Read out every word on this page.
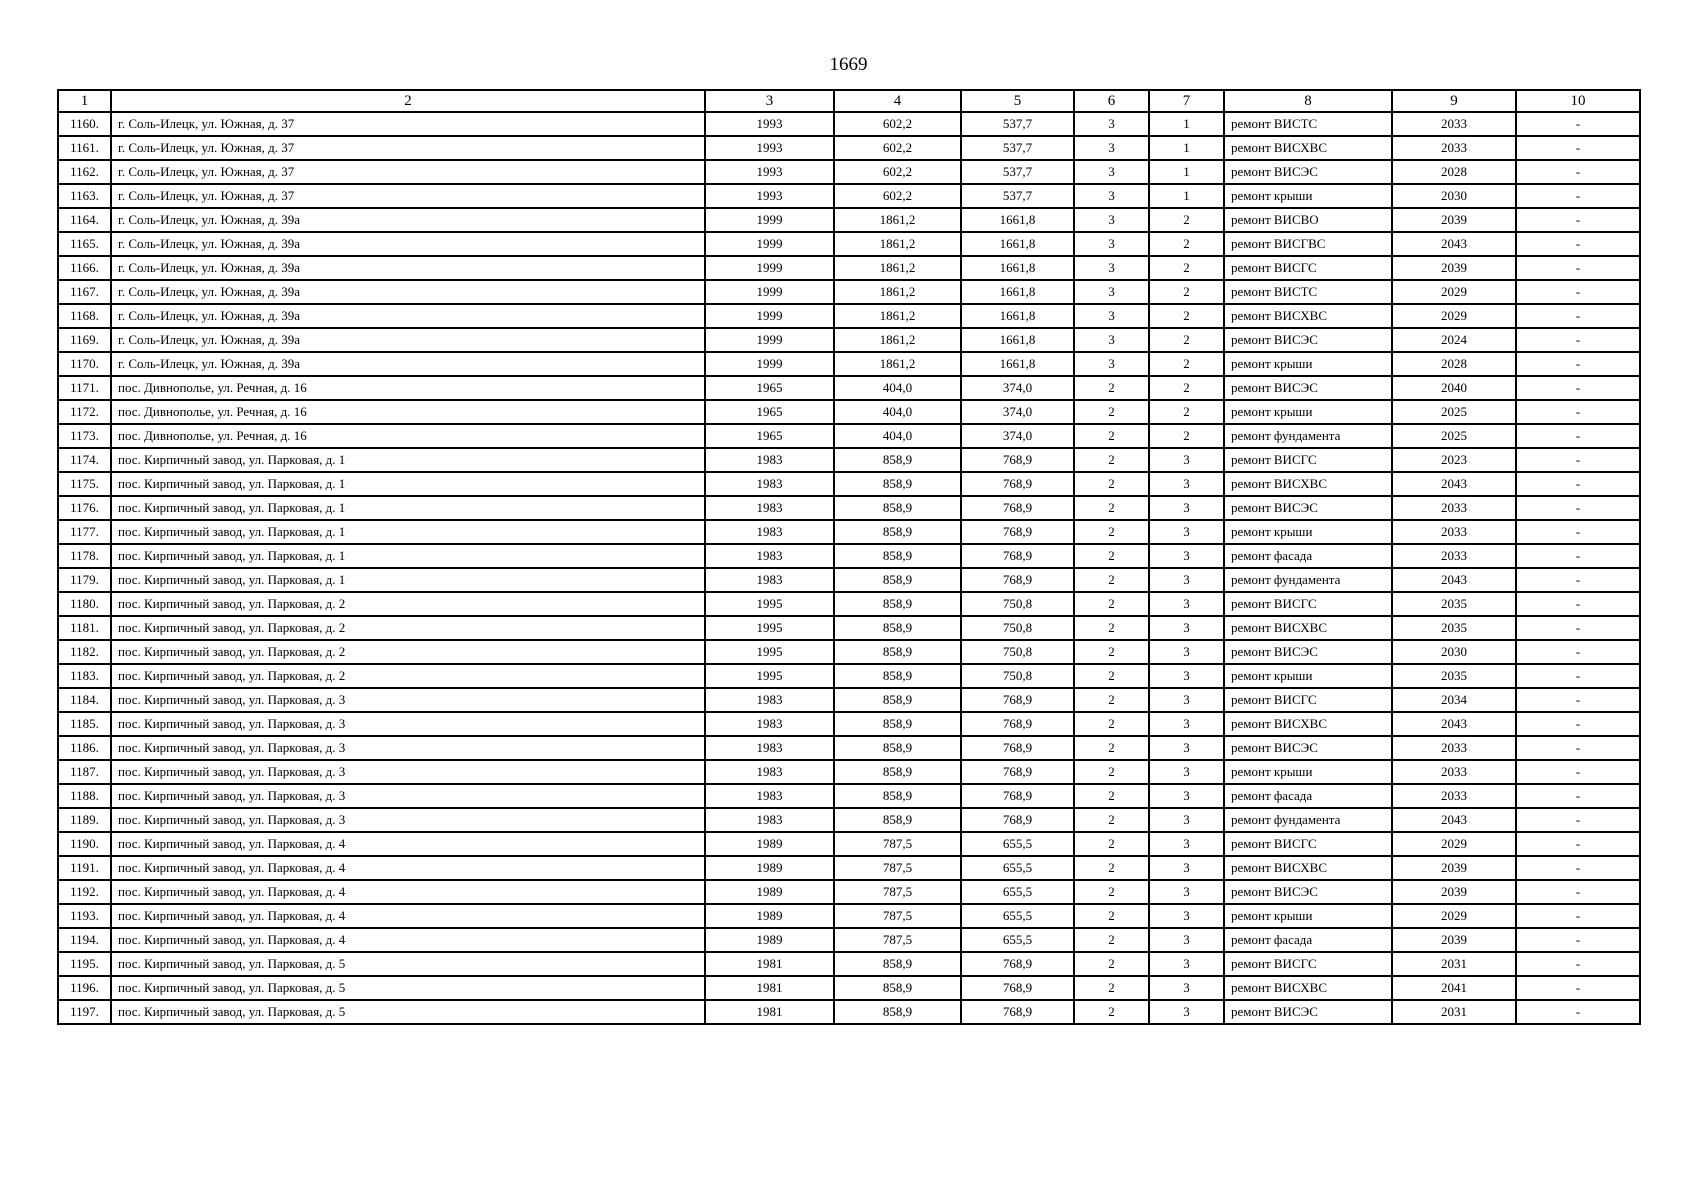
1669
1	2	3	4	5	6	7	8	9	10
1160.	г. Соль-Илецк, ул. Южная, д. 37	1993	602,2	537,7	3	1	ремонт ВИСТС	2033	-
1161.	г. Соль-Илецк, ул. Южная, д. 37	1993	602,2	537,7	3	1	ремонт ВИСХВС	2033	-
1162.	г. Соль-Илецк, ул. Южная, д. 37	1993	602,2	537,7	3	1	ремонт ВИСЭС	2028	-
1163.	г. Соль-Илецк, ул. Южная, д. 37	1993	602,2	537,7	3	1	ремонт крыши	2030	-
1164.	г. Соль-Илецк, ул. Южная, д. 39а	1999	1861,2	1661,8	3	2	ремонт ВИСВО	2039	-
1165.	г. Соль-Илецк, ул. Южная, д. 39а	1999	1861,2	1661,8	3	2	ремонт ВИСГВС	2043	-
1166.	г. Соль-Илецк, ул. Южная, д. 39а	1999	1861,2	1661,8	3	2	ремонт ВИСГС	2039	-
1167.	г. Соль-Илецк, ул. Южная, д. 39а	1999	1861,2	1661,8	3	2	ремонт ВИСТС	2029	-
1168.	г. Соль-Илецк, ул. Южная, д. 39а	1999	1861,2	1661,8	3	2	ремонт ВИСХВС	2029	-
1169.	г. Соль-Илецк, ул. Южная, д. 39а	1999	1861,2	1661,8	3	2	ремонт ВИСЭС	2024	-
1170.	г. Соль-Илецк, ул. Южная, д. 39а	1999	1861,2	1661,8	3	2	ремонт крыши	2028	-
1171.	пос. Дивнополье, ул. Речная, д. 16	1965	404,0	374,0	2	2	ремонт ВИСЭС	2040	-
1172.	пос. Дивнополье, ул. Речная, д. 16	1965	404,0	374,0	2	2	ремонт крыши	2025	-
1173.	пос. Дивнополье, ул. Речная, д. 16	1965	404,0	374,0	2	2	ремонт фундамента	2025	-
1174.	пос. Кирпичный завод, ул. Парковая, д. 1	1983	858,9	768,9	2	3	ремонт ВИСГС	2023	-
1175.	пос. Кирпичный завод, ул. Парковая, д. 1	1983	858,9	768,9	2	3	ремонт ВИСХВС	2043	-
1176.	пос. Кирпичный завод, ул. Парковая, д. 1	1983	858,9	768,9	2	3	ремонт ВИСЭС	2033	-
1177.	пос. Кирпичный завод, ул. Парковая, д. 1	1983	858,9	768,9	2	3	ремонт крыши	2033	-
1178.	пос. Кирпичный завод, ул. Парковая, д. 1	1983	858,9	768,9	2	3	ремонт фасада	2033	-
1179.	пос. Кирпичный завод, ул. Парковая, д. 1	1983	858,9	768,9	2	3	ремонт фундамента	2043	-
1180.	пос. Кирпичный завод, ул. Парковая, д. 2	1995	858,9	750,8	2	3	ремонт ВИСГС	2035	-
1181.	пос. Кирпичный завод, ул. Парковая, д. 2	1995	858,9	750,8	2	3	ремонт ВИСХВС	2035	-
1182.	пос. Кирпичный завод, ул. Парковая, д. 2	1995	858,9	750,8	2	3	ремонт ВИСЭС	2030	-
1183.	пос. Кирпичный завод, ул. Парковая, д. 2	1995	858,9	750,8	2	3	ремонт крыши	2035	-
1184.	пос. Кирпичный завод, ул. Парковая, д. 3	1983	858,9	768,9	2	3	ремонт ВИСГС	2034	-
1185.	пос. Кирпичный завод, ул. Парковая, д. 3	1983	858,9	768,9	2	3	ремонт ВИСХВС	2043	-
1186.	пос. Кирпичный завод, ул. Парковая, д. 3	1983	858,9	768,9	2	3	ремонт ВИСЭС	2033	-
1187.	пос. Кирпичный завод, ул. Парковая, д. 3	1983	858,9	768,9	2	3	ремонт крыши	2033	-
1188.	пос. Кирпичный завод, ул. Парковая, д. 3	1983	858,9	768,9	2	3	ремонт фасада	2033	-
1189.	пос. Кирпичный завод, ул. Парковая, д. 3	1983	858,9	768,9	2	3	ремонт фундамента	2043	-
1190.	пос. Кирпичный завод, ул. Парковая, д. 4	1989	787,5	655,5	2	3	ремонт ВИСГС	2029	-
1191.	пос. Кирпичный завод, ул. Парковая, д. 4	1989	787,5	655,5	2	3	ремонт ВИСХВС	2039	-
1192.	пос. Кирпичный завод, ул. Парковая, д. 4	1989	787,5	655,5	2	3	ремонт ВИСЭС	2039	-
1193.	пос. Кирпичный завод, ул. Парковая, д. 4	1989	787,5	655,5	2	3	ремонт крыши	2029	-
1194.	пос. Кирпичный завод, ул. Парковая, д. 4	1989	787,5	655,5	2	3	ремонт фасада	2039	-
1195.	пос. Кирпичный завод, ул. Парковая, д. 5	1981	858,9	768,9	2	3	ремонт ВИСГС	2031	-
1196.	пос. Кирпичный завод, ул. Парковая, д. 5	1981	858,9	768,9	2	3	ремонт ВИСХВС	2041	-
1197.	пос. Кирпичный завод, ул. Парковая, д. 5	1981	858,9	768,9	2	3	ремонт ВИСЭС	2031	-
